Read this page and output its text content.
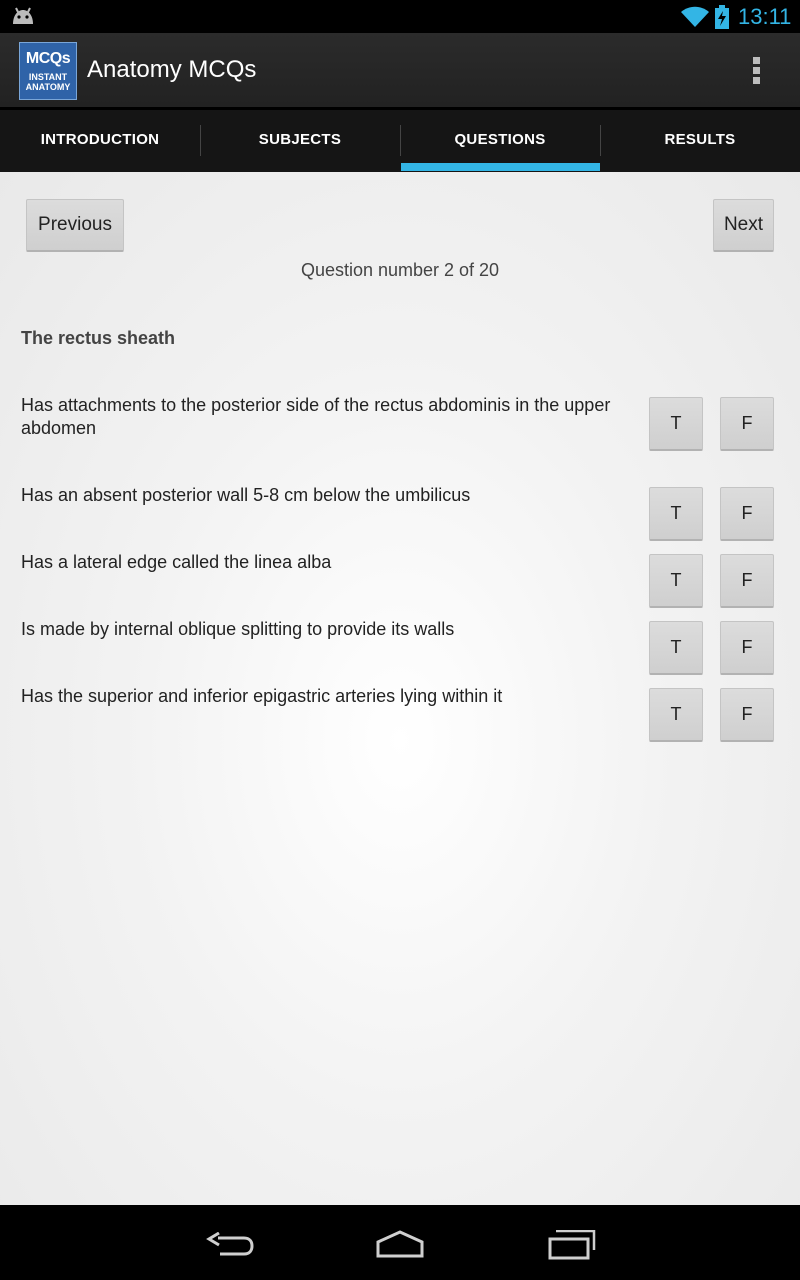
13:11
MCQs
INSTANT
ANATOMY
Anatomy MCQs
INTRODUCTION	SUBJECTS	QUESTIONS	RESULTS
Previous	Next
Question number 2 of 20
The rectus sheath
Has attachments to the posterior side of the rectus abdominis in the upper abdomen	T	F
Has an absent posterior wall 5-8 cm below the umbilicus
T	F
Has a lateral edge called the linea alba
T	F
Is made by internal oblique splitting to provide its walls
T	F
Has the superior and inferior epigastric arteries lying within it
T	F
